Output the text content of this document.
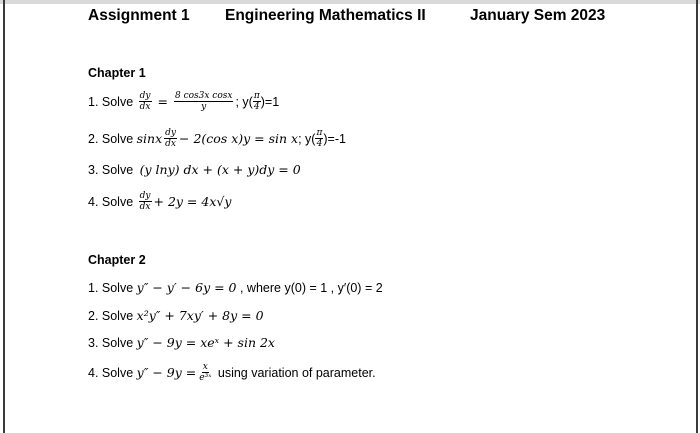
Assignment 1 Engineering Mathematics II	January Sem 2023
Chapter 1
1. Solve $\frac{dy}{dx} = \frac{\text{8 cos3x cosx}}{y}$ ; $y( \frac{\pi}{4} )=1$
2. Solve sinx $\frac{dy}{dx} - 2(\cos$ x)y = sin x ; $y( \frac{\pi}{4} )=-1$
3. Solve (y lny) dx + (x + y)dy = 0
4. Solve $\frac{dy}{dx} + 2y = 4x√y$
Chapter 2
1. Solve y″ − y′ − 6y = 0 , where y(0) = 1 , y′(0) = 2
2. Solve x²y″ + 7xy′ + 8y = 0
3. Solve y″ − 9y = xeˣ + sin 2x
4. Solve $y'' - 9y = \frac{x}{\text{e³ˣ}}$ using variation of parameter.
